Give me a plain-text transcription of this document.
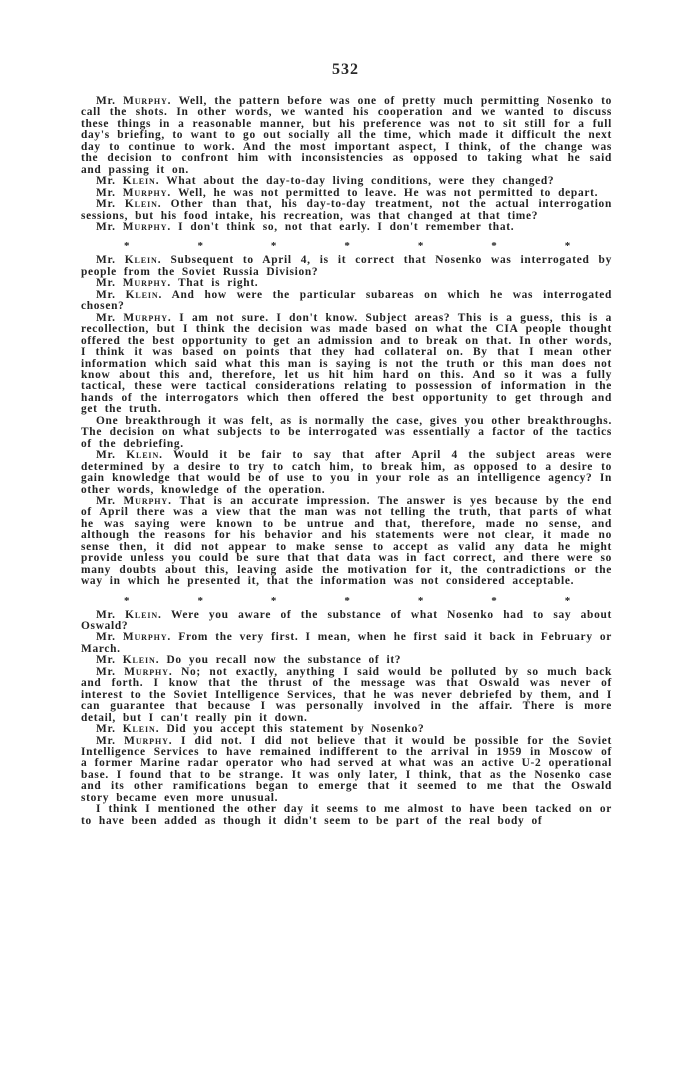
532

Mr. Murphy. Well, the pattern before was one of pretty much permitting Nosenko to call the shots. In other words, we wanted his cooperation and we wanted to discuss these things in a reasonable manner, but his preference was not to sit still for a full day's briefing, to want to go out socially all the time, which made it difficult the next day to continue to work. And the most important aspect, I think, of the change was the decision to confront him with inconsistencies as opposed to taking what he said and passing it on.

Mr. Klein. What about the day-to-day living conditions, were they changed?

Mr. Murphy. Well, he was not permitted to leave. He was not permitted to depart.

Mr. Klein. Other than that, his day-to-day treatment, not the actual interrogation sessions, but his food intake, his recreation, was that changed at that time?

Mr. Murphy. I don't think so, not that early. I don't remember that.

*	*	*	*	*	*	*

Mr. Klein. Subsequent to April 4, is it correct that Nosenko was interrogated by people from the Soviet Russia Division?

Mr. Murphy. That is right.

Mr. Klein. And how were the particular subareas on which he was interrogated chosen?

Mr. Murphy. I am not sure. I don't know. Subject areas? This is a guess, this is a recollection, but I think the decision was made based on what the CIA people thought offered the best opportunity to get an admission and to break on that. In other words, I think it was based on points that they had collateral on. By that I mean other information which said what this man is saying is not the truth or this man does not know about this and, therefore, let us hit him hard on this. And so it was a fully tactical, these were tactical considerations relating to possession of information in the hands of the interrogators which then offered the best opportunity to get through and get the truth.

One breakthrough it was felt, as is normally the case, gives you other breakthroughs. The decision on what subjects to be interrogated was essentially a factor of the tactics of the debriefing.

Mr. Klein. Would it be fair to say that after April 4 the subject areas were determined by a desire to try to catch him, to break him, as opposed to a desire to gain knowledge that would be of use to you in your role as an intelligence agency? In other words, knowledge of the operation.

Mr. Murphy. That is an accurate impression. The answer is yes because by the end of April there was a view that the man was not telling the truth, that parts of what he was saying were known to be untrue and that, therefore, made no sense, and although the reasons for his behavior and his statements were not clear, it made no sense then, it did not appear to make sense to accept as valid any data he might provide unless you could be sure that that data was in fact correct, and there were so many doubts about this, leaving aside the motivation for it, the contradictions or the way in which he presented it, that the information was not considered acceptable.

*	*	*	*	*	*	*

Mr. Klein. Were you aware of the substance of what Nosenko had to say about Oswald?

Mr. Murphy. From the very first. I mean, when he first said it back in February or March.

Mr. Klein. Do you recall now the substance of it?

Mr. Murphy. No; not exactly, anything I said would be polluted by so much back and forth. I know that the thrust of the message was that Oswald was never of interest to the Soviet Intelligence Services, that he was never debriefed by them, and I can guarantee that because I was personally involved in the affair. There is more detail, but I can't really pin it down.

Mr. Klein. Did you accept this statement by Nosenko?

Mr. Murphy. I did not. I did not believe that it would be possible for the Soviet Intelligence Services to have remained indifferent to the arrival in 1959 in Moscow of a former Marine radar operator who had served at what was an active U-2 operational base. I found that to be strange. It was only later, I think, that as the Nosenko case and its other ramifications began to emerge that it seemed to me that the Oswald story became even more unusual.

I think I mentioned the other day it seems to me almost to have been tacked on or to have been added as though it didn't seem to be part of the real body of
